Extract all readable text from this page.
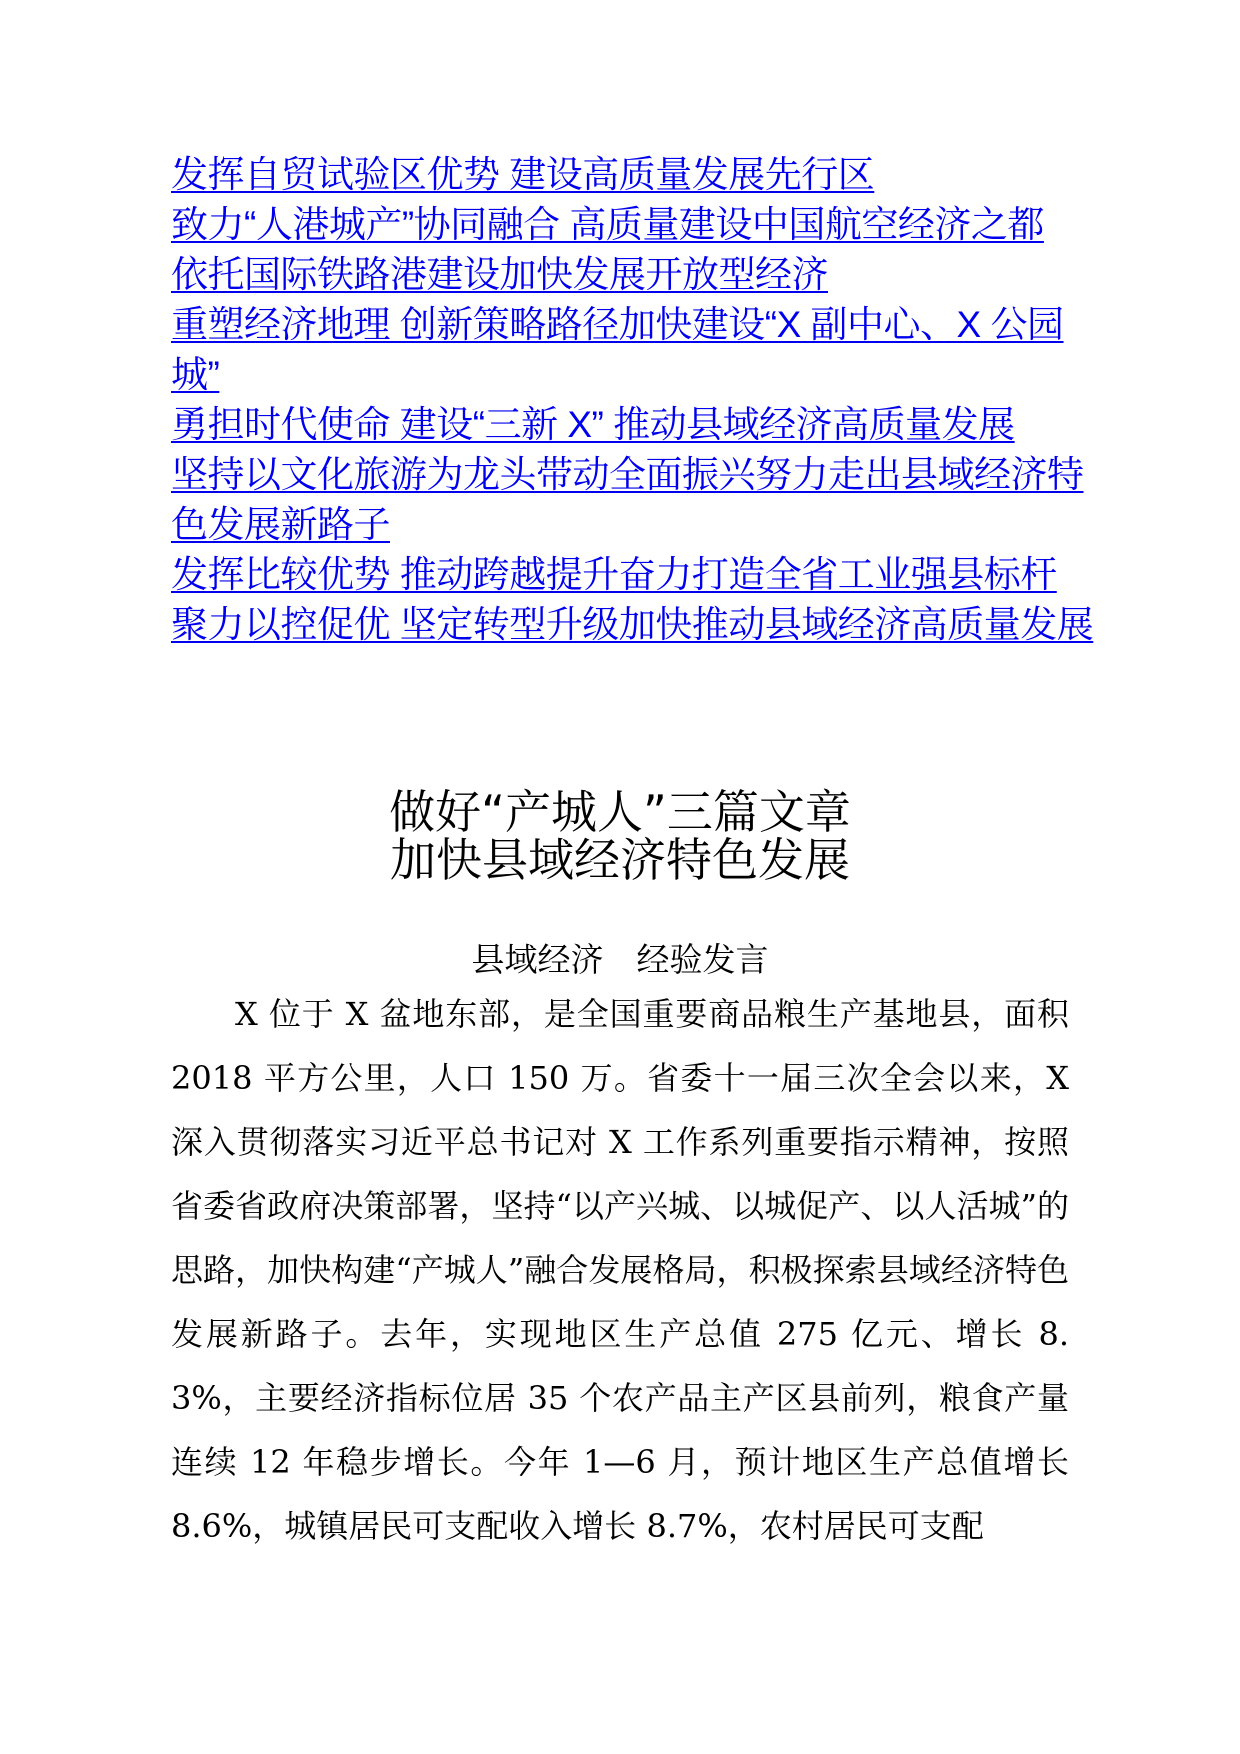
发挥自贸试验区优势 建设高质量发展先行区
致力“人港城产”协同融合 高质量建设中国航空经济之都
依托国际铁路港建设加快发展开放型经济
重塑经济地理 创新策略路径加快建设“X 副中心、X 公园城”
勇担时代使命 建设“三新 X” 推动县域经济高质量发展
坚持以文化旅游为龙头带动全面振兴努力走出县域经济特色发展新路子
发挥比较优势 推动跨越提升奋力打造全省工业强县标杆
聚力以控促优 坚定转型升级加快推动县域经济高质量发展
做好“产城人”三篇文章加快县域经济特色发展
县域经济　经验发言

X 位于 X 盆地东部，是全国重要商品粮生产基地县，面积 2018 平方公里，人口 150 万。省委十一届三次全会以来，X 深入贯彻落实习近平总书记对 X 工作系列重要指示精神，按照省委省政府决策部署，坚持“以产兴城、以城促产、以人活城”的思路，加快构建“产城人”融合发展格局，积极探索县域经济特色发展新路子。去年，实现地区生产总值 275 亿元、增长 8.3%，主要经济指标位居 35 个农产品主产区县前列，粮食产量连续 12 年稳步增长。今年 1—6 月，预计地区生产总值增长 8.6%，城镇居民可支配收入增长 8.7%，农村居民可支配
